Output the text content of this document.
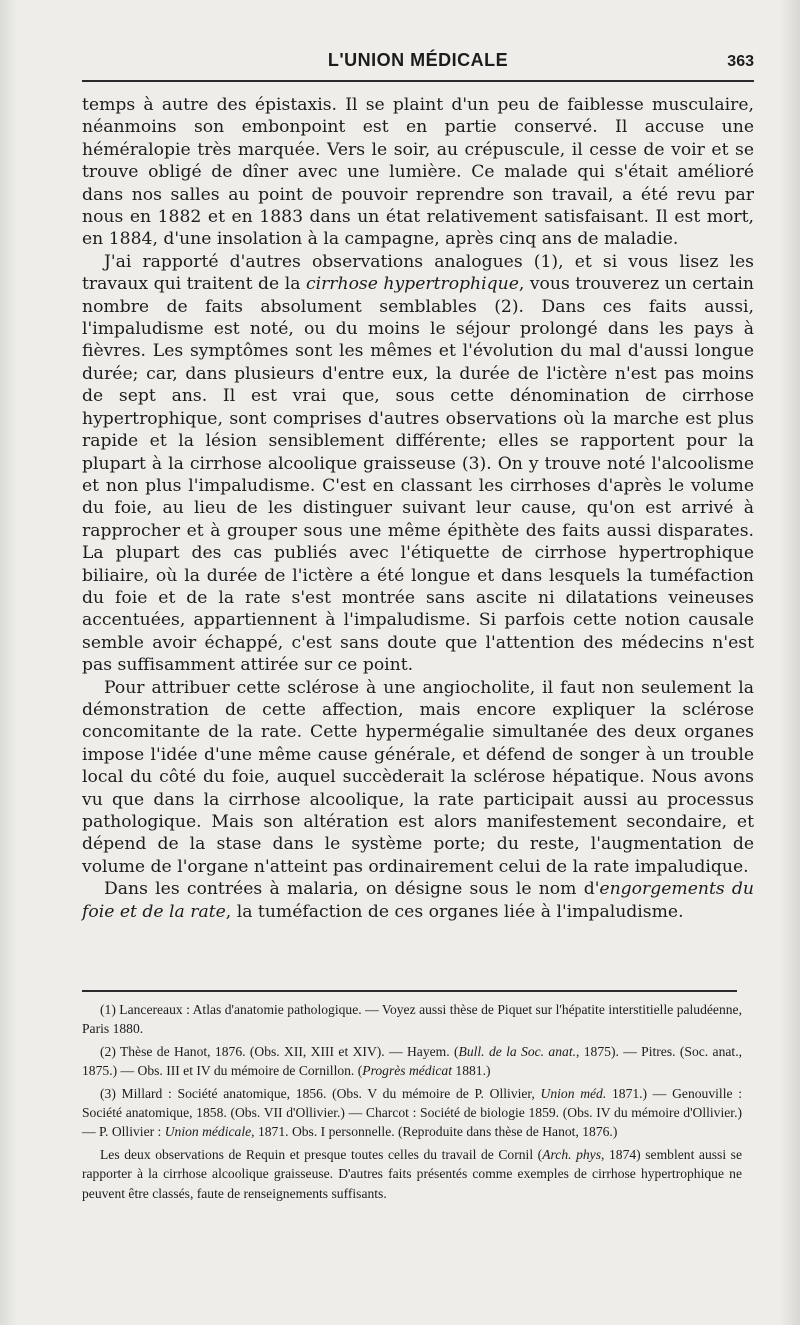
L'UNION MÉDICALE	363

temps à autre des épistaxis. Il se plaint d'un peu de faiblesse musculaire, néanmoins son embonpoint est en partie conservé. Il accuse une héméralopie très marquée. Vers le soir, au crépuscule, il cesse de voir et se trouve obligé de dîner avec une lumière. Ce malade qui s'était amélioré dans nos salles au point de pouvoir reprendre son travail, a été revu par nous en 1882 et en 1883 dans un état relativement satisfaisant. Il est mort, en 1884, d'une insolation à la campagne, après cinq ans de maladie.

J'ai rapporté d'autres observations analogues (1), et si vous lisez les travaux qui traitent de la cirrhose hypertrophique, vous trouverez un certain nombre de faits absolument semblables (2). Dans ces faits aussi, l'impaludisme est noté, ou du moins le séjour prolongé dans les pays à fièvres. Les symptômes sont les mêmes et l'évolution du mal d'aussi longue durée; car, dans plusieurs d'entre eux, la durée de l'ictère n'est pas moins de sept ans. Il est vrai que, sous cette dénomination de cirrhose hypertrophique, sont comprises d'autres observations où la marche est plus rapide et la lésion sensiblement différente; elles se rapportent pour la plupart à la cirrhose alcoolique graisseuse (3). On y trouve noté l'alcoolisme et non plus l'impaludisme. C'est en classant les cirrhoses d'après le volume du foie, au lieu de les distinguer suivant leur cause, qu'on est arrivé à rapprocher et à grouper sous une même épithète des faits aussi disparates. La plupart des cas publiés avec l'étiquette de cirrhose hypertrophique biliaire, où la durée de l'ictère a été longue et dans lesquels la tuméfaction du foie et de la rate s'est montrée sans ascite ni dilatations veineuses accentuées, appartiennent à l'impaludisme. Si parfois cette notion causale semble avoir échappé, c'est sans doute que l'attention des médecins n'est pas suffisamment attirée sur ce point.

Pour attribuer cette sclérose à une angiocholite, il faut non seulement la démonstration de cette affection, mais encore expliquer la sclérose concomitante de la rate. Cette hypermégalie simultanée des deux organes impose l'idée d'une même cause générale, et défend de songer à un trouble local du côté du foie, auquel succèderait la sclérose hépatique. Nous avons vu que dans la cirrhose alcoolique, la rate participait aussi au processus pathologique. Mais son altération est alors manifestement secondaire, et dépend de la stase dans le système porte; du reste, l'augmentation de volume de l'organe n'atteint pas ordinairement celui de la rate impaludique.

Dans les contrées à malaria, on désigne sous le nom d'engorgements du foie et de la rate, la tuméfaction de ces organes liée à l'impaludisme.

(1) Lancereaux : Atlas d'anatomie pathologique. — Voyez aussi thèse de Piquet sur l'hépatite interstitielle paludéenne, Paris 1880.

(2) Thèse de Hanot, 1876. (Obs. XII, XIII et XIV). — Hayem. (Bull. de la Soc. anat., 1875). — Pitres. (Soc. anat., 1875.) — Obs. III et IV du mémoire de Cornillon. (Progrès médicat 1881.)

(3) Millard : Société anatomique, 1856. (Obs. V du mémoire de P. Ollivier, Union méd. 1871.) — Genouville : Société anatomique, 1858. (Obs. VII d'Ollivier.) — Charcot : Société de biologie 1859. (Obs. IV du mémoire d'Ollivier.) — P. Ollivier : Union médicale, 1871. Obs. I personnelle. (Reproduite dans thèse de Hanot, 1876.)

Les deux observations de Requin et presque toutes celles du travail de Cornil (Arch. phys, 1874) semblent aussi se rapporter à la cirrhose alcoolique graisseuse. D'autres faits présentés comme exemples de cirrhose hypertrophique ne peuvent être classés, faute de renseignements suffisants.
